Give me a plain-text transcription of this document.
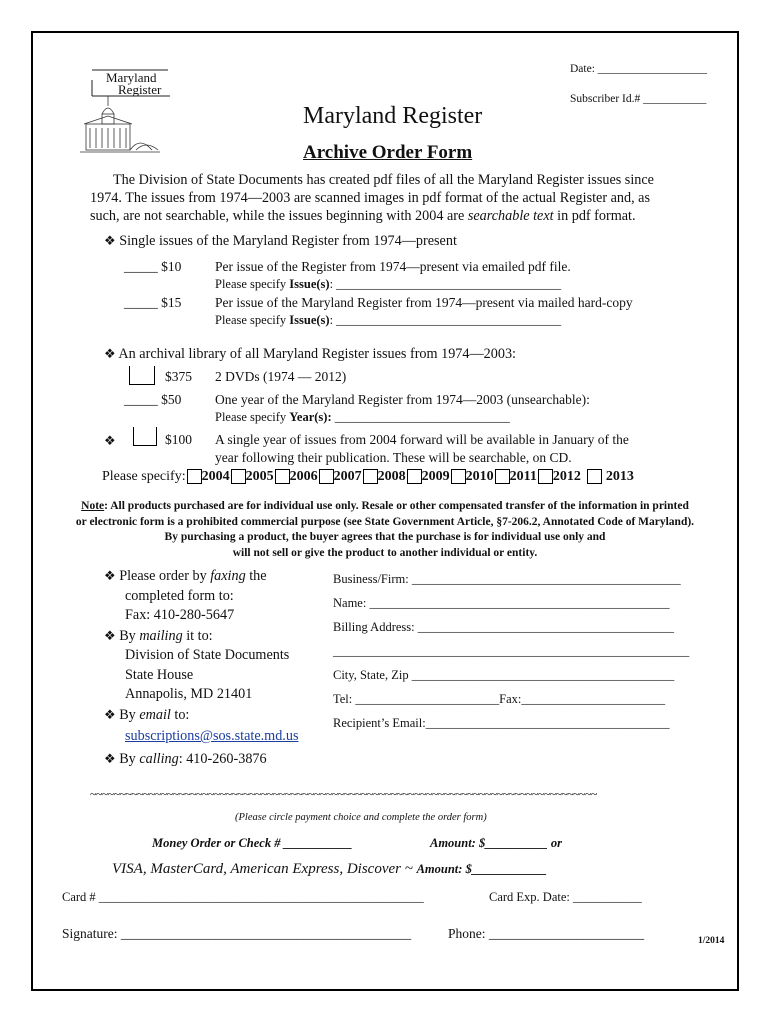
Maryland
Register
Date: ___________________
Subscriber Id.# ___________
Maryland Register
Archive Order Form
The Division of State Documents has created pdf files of all the Maryland Register issues since
1974. The issues from 1974—2003 are scanned images in pdf format of the actual Register and, as
such, are not searchable, while the issues beginning with 2004 are searchable text in pdf format.
❖ Single issues of the Maryland Register from 1974—present
_____ $10 Per issue of the Register from 1974—present via emailed pdf file.
Please specify Issue(s): ____________________________________
_____ $15 Per issue of the Maryland Register from 1974—present via mailed hard-copy
Please specify Issue(s): ____________________________________
❖ An archival library of all Maryland Register issues from 1974—2003:
$375 2 DVDs (1974 — 2012)
_____ $50 One year of the Maryland Register from 1974—2003 (unsearchable):
Please specify Year(s): ____________________________
❖	$100 A single year of issues from 2004 forward will be available in January of the
year following their publication. These will be searchable, on CD.
Please specify: 2004 2005 2006 2007 2008 2009 2010 2011 2012 2013
Note: All products purchased are for individual use only. Resale or other compensated transfer of the information in printed
or electronic form is a prohibited commercial purpose (see State Government Article, §7-206.2, Annotated Code of Maryland).
By purchasing a product, the buyer agrees that the purchase is for individual use only and
will not sell or give the product to another individual or entity.
❖ Please order by faxing the
completed form to:
Fax: 410-280-5647
❖ By mailing it to:
Division of State Documents
State House
Annapolis, MD 21401
❖ By email to:
subscriptions@sos.state.md.us
❖ By calling: 410-260-3876
Business/Firm: ___________________________________________
Name: ________________________________________________
Billing Address: _________________________________________
_________________________________________________________
City, State, Zip __________________________________________
Tel: _______________________Fax:_______________________
Recipient’s Email:_______________________________________
~~~~~~~~~~~~~~~~~~~~~~~~~~~~~~~~~~~~~~~~~~~~~~~~~~~~~~~~~~~~~~~~~~~~~~~~~~~~~~~~~~~~~~
(Please circle payment choice and complete the order form)
Money Order or Check # ___________	Amount: $__________ or
VISA, MasterCard, American Express, Discover ~ Amount: $____________
Card # ____________________________________________________	Card Exp. Date: ___________
Signature: ___________________________________________	Phone: _______________________	1/2014
